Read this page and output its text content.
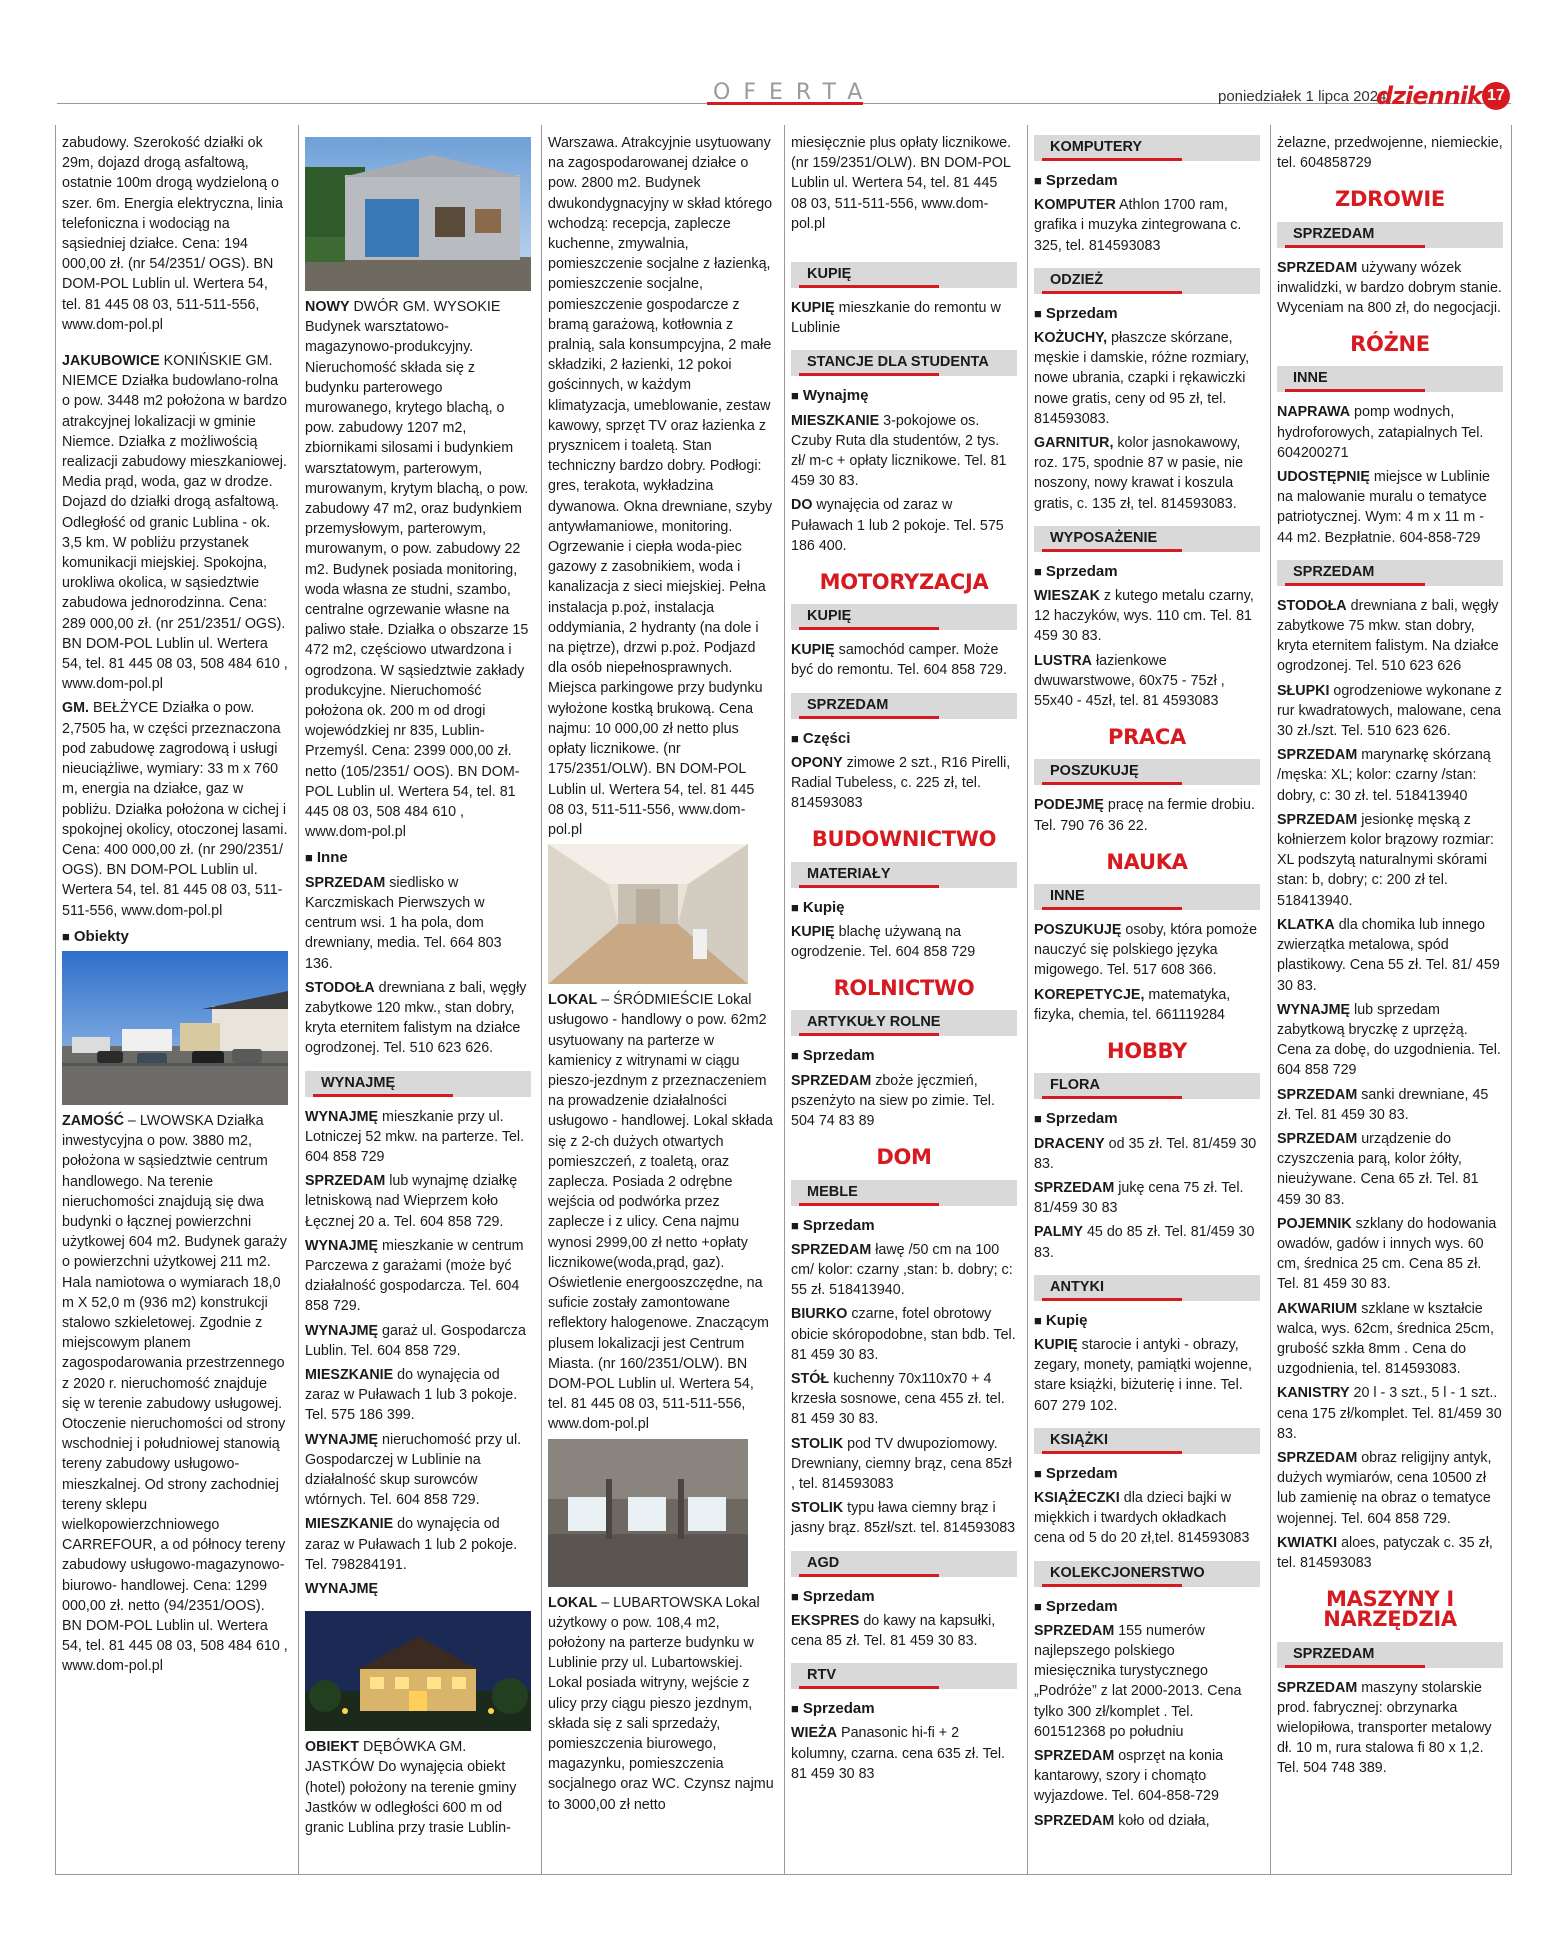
OFERTA	poniedziałek 1 lipca 2024
dziennik 17

zabudowy. Szerokość działki ok 29m, dojazd drogą asfaltową, ostatnie 100m drogą wydzieloną o szer. 6m. Energia elektryczna, linia telefoniczna i wodociąg na sąsiedniej działce. Cena: 194 000,00 zł. (nr 54/2351/ OGS). BN DOM-POL Lublin ul. Wertera 54, tel. 81 445 08 03, 511-511-556, www.dom-pol.pl

JAKUBOWICE KONIŃSKIE GM. NIEMCE Działka budowlano-rolna o pow. 3448 m2 położona w bardzo atrakcyjnej lokalizacji w gminie Niemce. Działka z możliwością realizacji zabudowy mieszkaniowej. Media prąd, woda, gaz w drodze. Dojazd do działki drogą asfaltową. Odległość od granic Lublina - ok. 3,5 km. W pobliżu przystanek komunikacji miejskiej. Spokojna, urokliwa okolica, w sąsiedztwie zabudowa jednorodzinna. Cena: 289 000,00 zł. (nr 251/2351/ OGS). BN DOM-POL Lublin ul. Wertera 54, tel. 81 445 08 03, 508 484 610 , www.dom-pol.pl

GM. BEŁŻYCE Działka o pow. 2,7505 ha, w części przeznaczona pod zabudowę zagrodową i usługi nieuciążliwe, wymiary: 33 m x 760 m, energia na działce, gaz w pobliżu. Działka położona w cichej i spokojnej okolicy, otoczonej lasami. Cena: 400 000,00 zł. (nr 290/2351/ OGS). BN DOM-POL Lublin ul. Wertera 54, tel. 81 445 08 03, 511-511-556, www.dom-pol.pl

■ Obiekty

ZAMOŚĆ – LWOWSKA Działka inwestycyjna o pow. 3880 m2, położona w sąsiedztwie centrum handlowego. Na terenie nieruchomości znajdują się dwa budynki o łącznej powierzchni użytkowej 604 m2. Budynek garaży o powierzchni użytkowej 211 m2. Hala namiotowa o wymiarach 18,0 m X 52,0 m (936 m2) konstrukcji stalowo szkieletowej. Zgodnie z miejscowym planem zagospodarowania przestrzennego z 2020 r. nieruchomość znajduje się w terenie zabudowy usługowej. Otoczenie nieruchomości od strony wschodniej i południowej stanowią tereny zabudowy usługowo-mieszkalnej. Od strony zachodniej tereny sklepu wielkopowierzchniowego CARREFOUR, a od północy tereny zabudowy usługowo-magazynowo-biurowo- handlowej. Cena: 1299 000,00 zł. netto (94/2351/OOS). BN DOM-POL Lublin ul. Wertera 54, tel. 81 445 08 03, 508 484 610 , www.dom-pol.pl

NOWY DWÓR GM. WYSOKIE Budynek warsztatowo-magazynowo-produkcyjny. Nieruchomość składa się z budynku parterowego murowanego, krytego blachą, o pow. zabudowy 1207 m2, zbiornikami silosami i budynkiem warsztatowym, parterowym, murowanym, krytym blachą, o pow. zabudowy 47 m2, oraz budynkiem przemysłowym, parterowym, murowanym, o pow. zabudowy 22 m2. Budynek posiada monitoring, woda własna ze studni, szambo, centralne ogrzewanie własne na paliwo stałe. Działka o obszarze 15 472 m2, częściowo utwardzona i ogrodzona. W sąsiedztwie zakłady produkcyjne. Nieruchomość położona ok. 200 m od drogi wojewódzkiej nr 835, Lublin-Przemyśl. Cena: 2399 000,00 zł. netto (105/2351/ OOS). BN DOM-POL Lublin ul. Wertera 54, tel. 81 445 08 03, 508 484 610 , www.dom-pol.pl

■ Inne

SPRZEDAM siedlisko w Karczmiskach Pierwszych w centrum wsi. 1 ha pola, dom drewniany, media. Tel. 664 803 136.

STODOŁA drewniana z bali, węgły zabytkowe 120 mkw., stan dobry, kryta eternitem falistym na działce ogrodzonej. Tel. 510 623 626.

WYNAJMĘ

WYNAJMĘ mieszkanie przy ul. Lotniczej 52 mkw. na parterze. Tel. 604 858 729

SPRZEDAM lub wynajmę działkę letniskową nad Wieprzem koło Łęcznej 20 a. Tel. 604 858 729.

WYNAJMĘ mieszkanie w centrum Parczewa z garażami (może być działalność gospodarcza. Tel. 604 858 729.

WYNAJMĘ garaż ul. Gospodarcza Lublin. Tel. 604 858 729.

MIESZKANIE do wynajęcia od zaraz w Puławach 1 lub 3 pokoje. Tel. 575 186 399.

WYNAJMĘ nieruchomość przy ul. Gospodarczej w Lublinie na działalność skup surowców wtórnych. Tel. 604 858 729.

MIESZKANIE do wynajęcia od zaraz w Puławach 1 lub 2 pokoje. Tel. 798284191.

WYNAJMĘ

OBIEKT DĘBÓWKA GM. JASTKÓW Do wynajęcia obiekt (hotel) położony na terenie gminy Jastków w odległości 600 m od granic Lublina przy trasie Lublin-

Warszawa. Atrakcyjnie usytuowany na zagospodarowanej działce o pow. 2800 m2. Budynek dwukondygnacyjny w skład którego wchodzą: recepcja, zaplecze kuchenne, zmywalnia, pomieszczenie socjalne z łazienką, pomieszczenie socjalne, pomieszczenie gospodarcze z bramą garażową, kotłownia z pralnią, sala konsumpcyjna, 2 małe składziki, 2 łazienki, 12 pokoi gościnnych, w każdym klimatyzacja, umeblowanie, zestaw kawowy, sprzęt TV oraz łazienka z prysznicem i toaletą. Stan techniczny bardzo dobry. Podłogi: gres, terakota, wykładzina dywanowa. Okna drewniane, szyby antywłamaniowe, monitoring. Ogrzewanie i ciepła woda-piec gazowy z zasobnikiem, woda i kanalizacja z sieci miejskiej. Pełna instalacja p.poż, instalacja oddymiania, 2 hydranty (na dole i na piętrze), drzwi p.poż. Podjazd dla osób niepełnosprawnych. Miejsca parkingowe przy budynku wyłożone kostką brukową. Cena najmu: 10 000,00 zł netto plus opłaty licznikowe. (nr 175/2351/OLW). BN DOM-POL Lublin ul. Wertera 54, tel. 81 445 08 03, 511-511-556, www.dom-pol.pl

LOKAL – ŚRÓDMIEŚCIE Lokal usługowo - handlowy o pow. 62m2 usytuowany na parterze w kamienicy z witrynami w ciągu pieszo-jezdnym z przeznaczeniem na prowadzenie działalności usługowo - handlowej. Lokal składa się z 2-ch dużych otwartych pomieszczeń, z toaletą, oraz zaplecza. Posiada 2 odrębne wejścia od podwórka przez zaplecze i z ulicy. Cena najmu wynosi 2999,00 zł netto +opłaty licznikowe(woda,prąd, gaz). Oświetlenie energooszczędne, na suficie zostały zamontowane reflektory halogenowe. Znaczącym plusem lokalizacji jest Centrum Miasta. (nr 160/2351/OLW). BN DOM-POL Lublin ul. Wertera 54, tel. 81 445 08 03, 511-511-556, www.dom-pol.pl

LOKAL – LUBARTOWSKA Lokal użytkowy o pow. 108,4 m2, położony na parterze budynku w Lublinie przy ul. Lubartowskiej. Lokal posiada witryny, wejście z ulicy przy ciągu pieszo jezdnym, składa się z sali sprzedaży, pomieszczenia biurowego, magazynku, pomieszczenia socjalnego oraz WC. Czynsz najmu to 3000,00 zł netto

miesięcznie plus opłaty licznikowe. (nr 159/2351/OLW). BN DOM-POL Lublin ul. Wertera 54, tel. 81 445 08 03, 511-511-556, www.dom-pol.pl

KUPIĘ

KUPIĘ mieszkanie do remontu w Lublinie

STANCJE DLA STUDENTA
■ Wynajmę

MIESZKANIE 3-pokojowe os. Czuby Ruta dla studentów, 2 tys. zł/ m-c + opłaty licznikowe. Tel. 81 459 30 83.

DO wynajęcia od zaraz w Puławach 1 lub 2 pokoje. Tel. 575 186 400.

MOTORYZACJA
KUPIĘ

KUPIĘ samochód camper. Może być do remontu. Tel. 604 858 729.

SPRZEDAM
■ Części

OPONY zimowe 2 szt., R16 Pirelli, Radial Tubeless, c. 225 zł, tel. 814593083

BUDOWNICTWO
MATERIAŁY
■ Kupię

KUPIĘ blachę używaną na ogrodzenie. Tel. 604 858 729

ROLNICTWO
ARTYKUŁY ROLNE
■ Sprzedam

SPRZEDAM zboże jęczmień, pszenżyto na siew po zimie. Tel. 504 74 83 89

DOM
MEBLE
■ Sprzedam

SPRZEDAM ławę /50 cm na 100 cm/ kolor: czarny ,stan: b. dobry; c: 55 zł. 518413940.

BIURKO czarne, fotel obrotowy obicie skóropodobne, stan bdb. Tel. 81 459 30 83.

STÓŁ kuchenny 70x110x70 + 4 krzesła sosnowe, cena 455 zł. tel. 81 459 30 83.

STOLIK pod TV dwupoziomowy. Drewniany, ciemny brąz, cena 85zł , tel. 814593083

STOLIK typu ława ciemny brąz i jasny brąz. 85zł/szt. tel. 814593083

AGD
■ Sprzedam

EKSPRES do kawy na kapsułki, cena 85 zł. Tel. 81 459 30 83.

RTV
■ Sprzedam

WIEŻA Panasonic hi-fi + 2 kolumny, czarna. cena 635 zł. Tel. 81 459 30 83

KOMPUTERY
■ Sprzedam

KOMPUTER Athlon 1700 ram, grafika i muzyka zintegrowana c. 325, tel. 814593083

ODZIEŻ
■ Sprzedam

KOŻUCHY, płaszcze skórzane, męskie i damskie, różne rozmiary, nowe ubrania, czapki i rękawiczki nowe gratis, ceny od 95 zł, tel. 814593083.

GARNITUR, kolor jasnokawowy, roz. 175, spodnie 87 w pasie, nie noszony, nowy krawat i koszula gratis, c. 135 zł, tel. 814593083.

WYPOSAŻENIE
■ Sprzedam

WIESZAK z kutego metalu czarny, 12 haczyków, wys. 110 cm. Tel. 81 459 30 83.

LUSTRA łazienkowe dwuwarstwowe, 60x75 - 75zł , 55x40 - 45zł, tel. 81 4593083

PRACA
POSZUKUJĘ

PODEJMĘ pracę na fermie drobiu. Tel. 790 76 36 22.

NAUKA
INNE

POSZUKUJĘ osoby, która pomoże nauczyć się polskiego języka migowego. Tel. 517 608 366.

KOREPETYCJE, matematyka, fizyka, chemia, tel. 661119284

HOBBY
FLORA
■ Sprzedam

DRACENY od 35 zł. Tel. 81/459 30 83.

SPRZEDAM jukę cena 75 zł. Tel. 81/459 30 83

PALMY 45 do 85 zł. Tel. 81/459 30 83.

ANTYKI
■ Kupię

KUPIĘ starocie i antyki - obrazy, zegary, monety, pamiątki wojenne, stare książki, biżuterię i inne. Tel. 607 279 102.

KSIĄŻKI
■ Sprzedam

KSIĄŻECZKI dla dzieci bajki w miękkich i twardych okładkach cena od 5 do 20 zł,tel. 814593083

KOLEKCJONERSTWO
■ Sprzedam

SPRZEDAM 155 numerów najlepszego polskiego miesięcznika turystycznego „Podróże” z lat 2000-2013. Cena tylko 300 zł/komplet . Tel. 601512368 po południu

SPRZEDAM osprzęt na konia kantarowy, szory i chomąto wyjazdowe. Tel. 604-858-729

SPRZEDAM koło od działa,

żelazne, przedwojenne, niemieckie, tel. 604858729

ZDROWIE
SPRZEDAM

SPRZEDAM używany wózek inwalidzki, w bardzo dobrym stanie. Wyceniam na 800 zł, do negocjacji.

RÓŻNE
INNE

NAPRAWA pomp wodnych, hydroforowych, zatapialnych Tel. 604200271

UDOSTĘPNIĘ miejsce w Lublinie na malowanie muralu o tematyce patriotycznej. Wym: 4 m x 11 m - 44 m2. Bezpłatnie. 604-858-729

SPRZEDAM

STODOŁA drewniana z bali, węgły zabytkowe 75 mkw. stan dobry, kryta eternitem falistym. Na działce ogrodzonej. Tel. 510 623 626

SŁUPKI ogrodzeniowe wykonane z rur kwadratowych, malowane, cena 30 zł./szt. Tel. 510 623 626.

SPRZEDAM marynarkę skórzaną /męska: XL; kolor: czarny /stan: dobry, c: 30 zł. tel. 518413940

SPRZEDAM jesionkę męską z kołnierzem kolor brązowy rozmiar: XL podszytą naturalnymi skórami stan: b, dobry; c: 200 zł tel. 518413940.

KLATKA dla chomika lub innego zwierzątka metalowa, spód plastikowy. Cena 55 zł. Tel. 81/ 459 30 83.

WYNAJMĘ lub sprzedam zabytkową bryczkę z uprzężą. Cena za dobę, do uzgodnienia. Tel. 604 858 729

SPRZEDAM sanki drewniane, 45 zł. Tel. 81 459 30 83.

SPRZEDAM urządzenie do czyszczenia parą, kolor żółty, nieużywane. Cena 65 zł. Tel. 81 459 30 83.

POJEMNIK szklany do hodowania owadów, gadów i innych wys. 60 cm, średnica 25 cm. Cena 85 zł. Tel. 81 459 30 83.

AKWARIUM szklane w kształcie walca, wys. 62cm, średnica 25cm, grubość szkła 8mm . Cena do uzgodnienia, tel. 814593083.

KANISTRY 20 l - 3 szt., 5 l - 1 szt.. cena 175 zł/komplet. Tel. 81/459 30 83.

SPRZEDAM obraz religijny antyk, dużych wymiarów, cena 10500 zł lub zamienię na obraz o tematyce wojennej. Tel. 604 858 729.

KWIATKI aloes, patyczak c. 35 zł, tel. 814593083

MASZYNY I NARZĘDZIA
SPRZEDAM

SPRZEDAM maszyny stolarskie prod. fabrycznej: obrzynarka wielopiłowa, transporter metalowy dł. 10 m, rura stalowa fi 80 x 1,2. Tel. 504 748 389.
